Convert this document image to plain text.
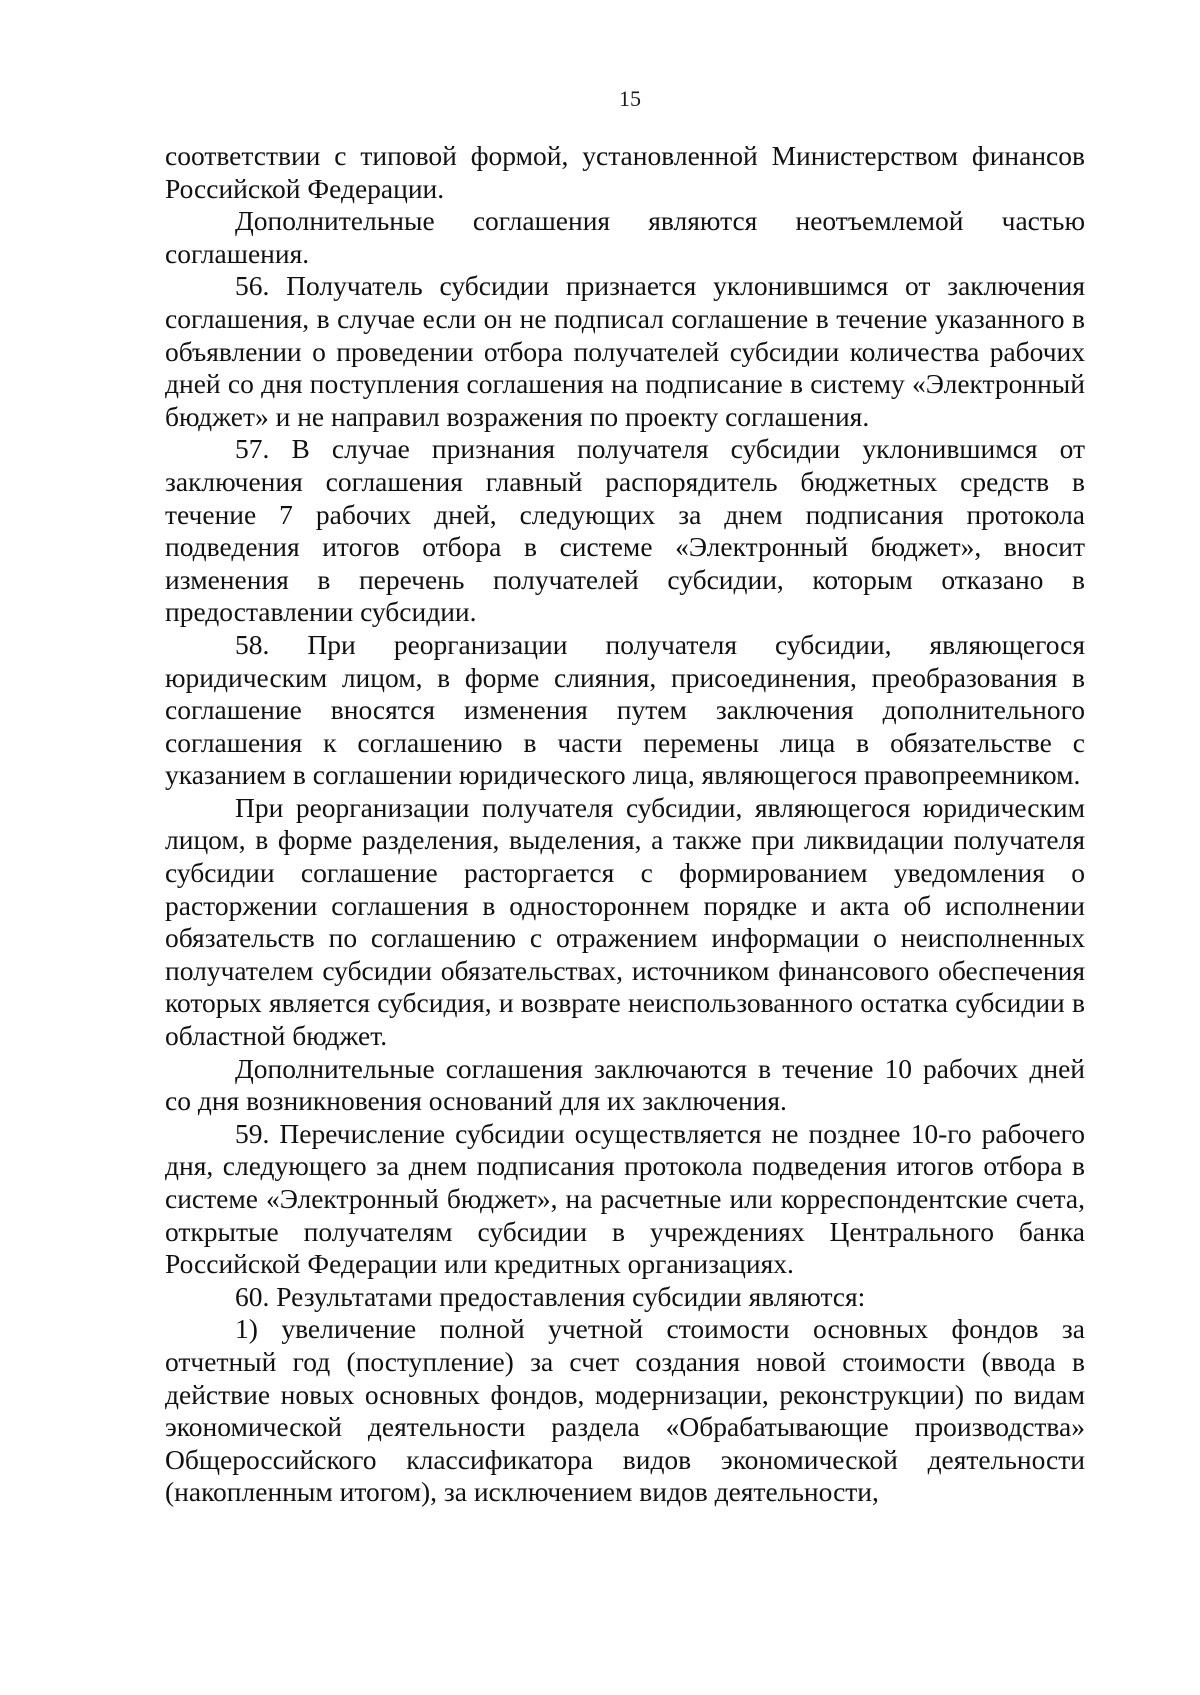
15

соответствии с типовой формой, установленной Министерством финансов Российской Федерации.

Дополнительные соглашения являются неотъемлемой частью соглашения.

56. Получатель субсидии признается уклонившимся от заключения соглашения, в случае если он не подписал соглашение в течение указанного в объявлении о проведении отбора получателей субсидии количества рабочих дней со дня поступления соглашения на подписание в систему «Электронный бюджет» и не направил возражения по проекту соглашения.

57. В случае признания получателя субсидии уклонившимся от заключения соглашения главный распорядитель бюджетных средств в течение 7 рабочих дней, следующих за днем подписания протокола подведения итогов отбора в системе «Электронный бюджет», вносит изменения в перечень получателей субсидии, которым отказано в предоставлении субсидии.

58. При реорганизации получателя субсидии, являющегося юридическим лицом, в форме слияния, присоединения, преобразования в соглашение вносятся изменения путем заключения дополнительного соглашения к соглашению в части перемены лица в обязательстве с указанием в соглашении юридического лица, являющегося правопреемником.

При реорганизации получателя субсидии, являющегося юридическим лицом, в форме разделения, выделения, а также при ликвидации получателя субсидии соглашение расторгается с формированием уведомления о расторжении соглашения в одностороннем порядке и акта об исполнении обязательств по соглашению с отражением информации о неисполненных получателем субсидии обязательствах, источником финансового обеспечения которых является субсидия, и возврате неиспользованного остатка субсидии в областной бюджет.

Дополнительные соглашения заключаются в течение 10 рабочих дней со дня возникновения оснований для их заключения.

59. Перечисление субсидии осуществляется не позднее 10-го рабочего дня, следующего за днем подписания протокола подведения итогов отбора в системе «Электронный бюджет», на расчетные или корреспондентские счета, открытые получателям субсидии в учреждениях Центрального банка Российской Федерации или кредитных организациях.

60. Результатами предоставления субсидии являются:

1) увеличение полной учетной стоимости основных фондов за отчетный год (поступление) за счет создания новой стоимости (ввода в действие новых основных фондов, модернизации, реконструкции) по видам экономической деятельности раздела «Обрабатывающие производства» Общероссийского классификатора видов экономической деятельности (накопленным итогом), за исключением видов деятельности,
